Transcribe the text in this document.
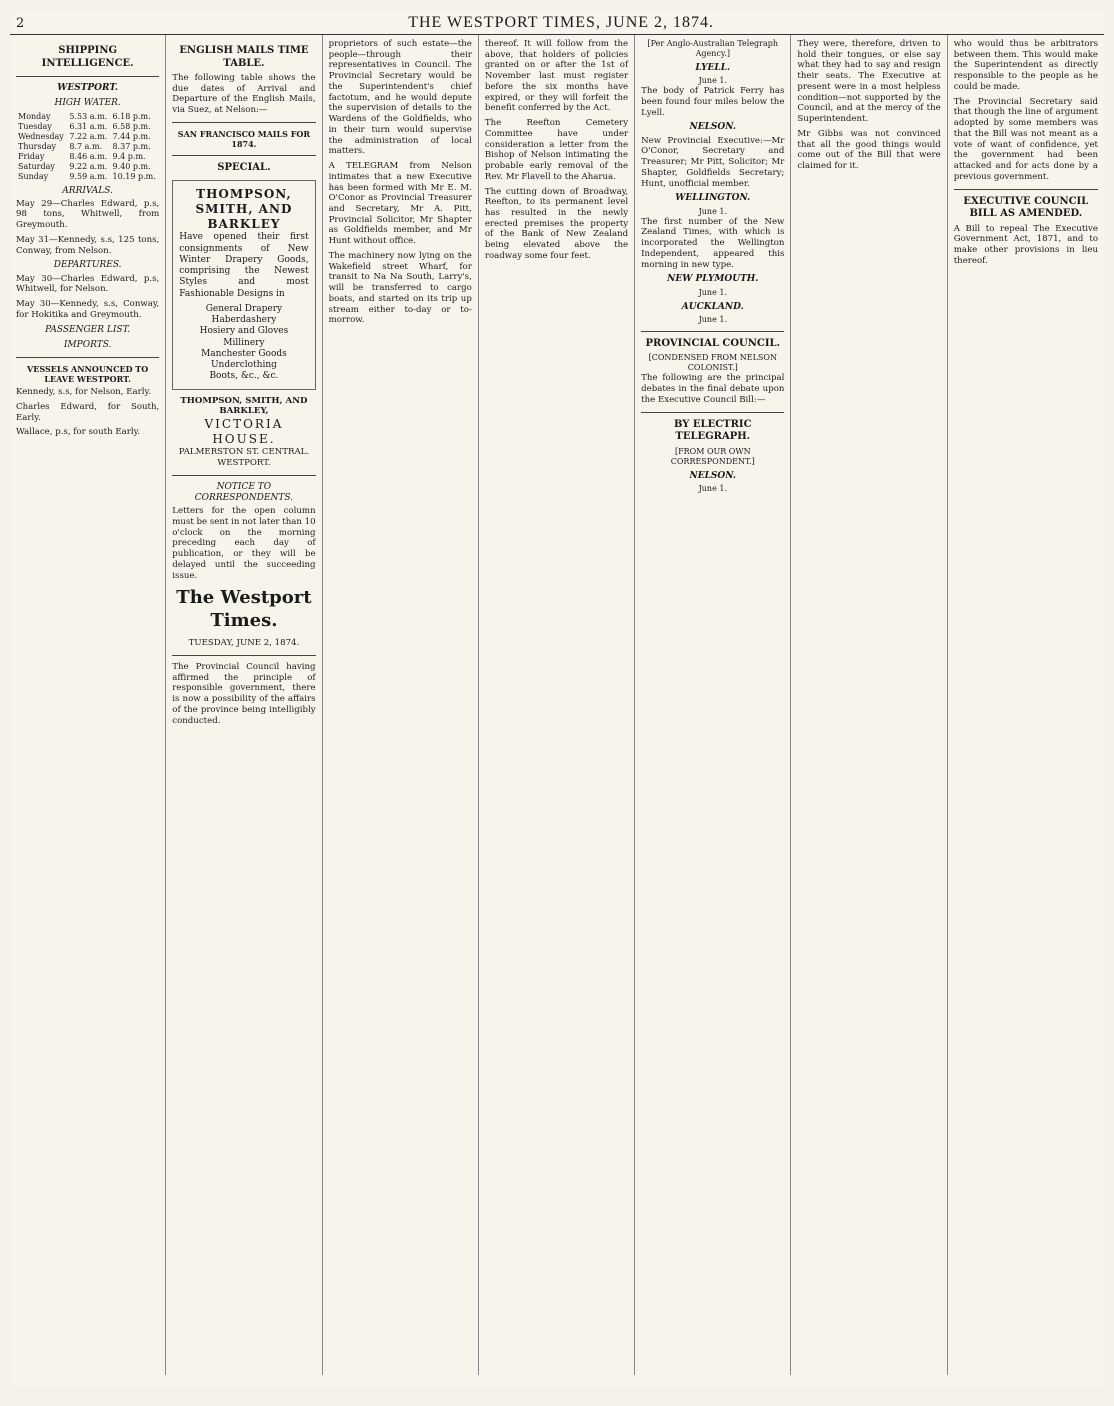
2	THE WESTPORT TIMES, JUNE 2, 1874.
SHIPPING INTELLIGENCE.
WESTPORT.
HIGH WATER.
Monday	5.53 a.m.	6.18 p.m.
Tuesday	6.31 a.m.	6.58 p.m.
Wednesday	7.22 a.m.	7.44 p.m.
Thursday	8.7 a.m.	8.37 p.m.
Friday	8.46 a.m.	9.4 p.m.
Saturday	9.22 a.m.	9.40 p.m.
Sunday	9.59 a.m.	10.19 p.m.
ARRIVALS.

May 29—Charles Edward, p.s, 98 tons, Whitwell, from Greymouth.

May 31—Kennedy, s.s, 125 tons, Conway, from Nelson.

DEPARTURES.

May 30—Charles Edward, p.s, Whitwell, for Nelson.

May 30—Kennedy, s.s, Conway, for Hokitika and Greymouth.

PASSENGER LIST.
IMPORTS.
VESSELS ANNOUNCED TO LEAVE WESTPORT.

Kennedy, s.s, for Nelson, Early.

Charles Edward, for South, Early.

Wallace, p.s, for south Early.

ENGLISH MAILS TIME TABLE.

The following table shows the due dates of Arrival and Departure of the English Mails, via Suez, at Nelson:—

SAN FRANCISCO MAILS FOR 1874.
SPECIAL.
THOMPSON, SMITH, AND BARKLEY

Have opened their first consignments of New Winter Drapery Goods, comprising the Newest Styles and most Fashionable Designs in

General Drapery
Haberdashery
Hosiery and Gloves
Millinery
Manchester Goods
Underclothing
Boots, &c., &c.
THOMPSON, SMITH, AND BARKLEY,
VICTORIA HOUSE.
PALMERSTON ST. CENTRAL.
WESTPORT.
NOTICE TO CORRESPONDENTS.

Letters for the open column must be sent in not later than 10 o'clock on the morning preceding each day of publication, or they will be delayed until the succeeding issue.

The Westport Times.
TUESDAY, JUNE 2, 1874.

The Provincial Council having affirmed the principle of responsible government, there is now a possibility of the affairs of the province being intelligibly conducted.

proprietors of such estate—the people—through their representatives in Council. The Provincial Secretary would be the Superintendent's chief factotum, and he would depute the supervision of details to the Wardens of the Goldfields, who in their turn would supervise the administration of local matters.

A TELEGRAM from Nelson intimates that a new Executive has been formed with Mr E. M. O'Conor as Provincial Treasurer and Secretary, Mr A. Pitt, Provincial Solicitor, Mr Shapter as Goldfields member, and Mr Hunt without office.

The machinery now lying on the Wakefield street Wharf, for transit to Na Na South, Larry's, will be transferred to cargo boats, and started on its trip up stream either to-day or to-morrow.

thereof. It will follow from the above, that holders of policies granted on or after the 1st of November last must register before the six months have expired, or they will forfeit the benefit conferred by the Act.

The Reefton Cemetery Committee have under consideration a letter from the Bishop of Nelson intimating the probable early removal of the Rev. Mr Flavell to the Aharua.

The cutting down of Broadway, Reefton, to its permanent level has resulted in the newly erected premises the property of the Bank of New Zealand being elevated above the roadway some four feet.

[Per Anglo-Australian Telegraph Agency.]
LYELL.
June 1.

The body of Patrick Ferry has been found four miles below the Lyell.

NELSON.

New Provincial Executive:—Mr O'Conor, Secretary and Treasurer; Mr Pitt, Solicitor; Mr Shapter, Goldfields Secretary; Hunt, unofficial member.

WELLINGTON.
June 1.

The first number of the New Zealand Times, with which is incorporated the Wellington Independent, appeared this morning in new type.

NEW PLYMOUTH.
June 1.
AUCKLAND.
June 1.
PROVINCIAL COUNCIL.
[CONDENSED FROM NELSON COLONIST.]

The following are the principal debates in the final debate upon the Executive Council Bill:—

BY ELECTRIC TELEGRAPH.
[FROM OUR OWN CORRESPONDENT.]
NELSON.
June 1.

They were, therefore, driven to hold their tongues, or else say what they had to say and resign their seats. The Executive at present were in a most helpless condition—not supported by the Council, and at the mercy of the Superintendent.

Mr Gibbs was not convinced that all the good things would come out of the Bill that were claimed for it.

who would thus be arbitrators between them. This would make the Superintendent as directly responsible to the people as he could be made.

The Provincial Secretary said that though the line of argument adopted by some members was that the Bill was not meant as a vote of want of confidence, yet the government had been attacked and for acts done by a previous government.

EXECUTIVE COUNCIL BILL AS AMENDED.

A Bill to repeal The Executive Government Act, 1871, and to make other provisions in lieu thereof.
